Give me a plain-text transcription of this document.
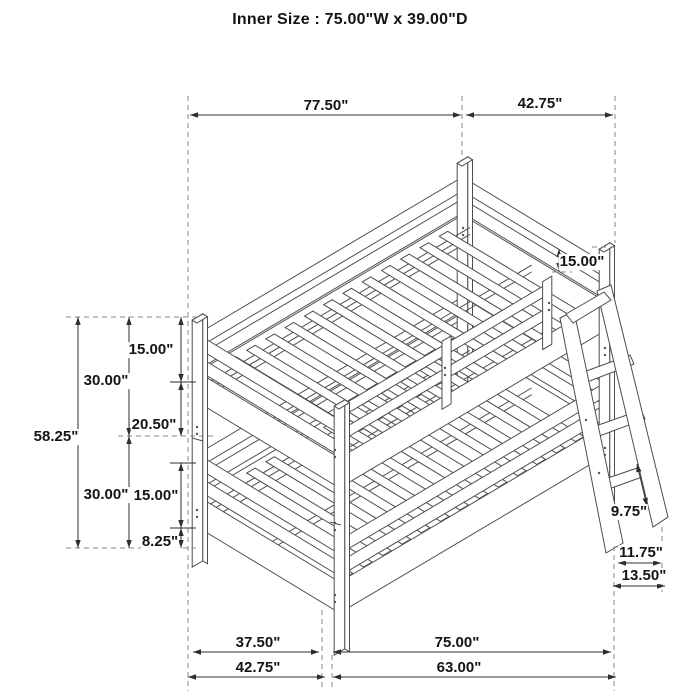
Inner Size : 75.00"W x 39.00"D
77.50"	42.75"
15.00"
58.25"
30.00"
15.00"
20.50"
30.00" 15.00"
8.25"
9.75"
11.75"
13.50"
37.50"	75.00"
42.75"	63.00"
